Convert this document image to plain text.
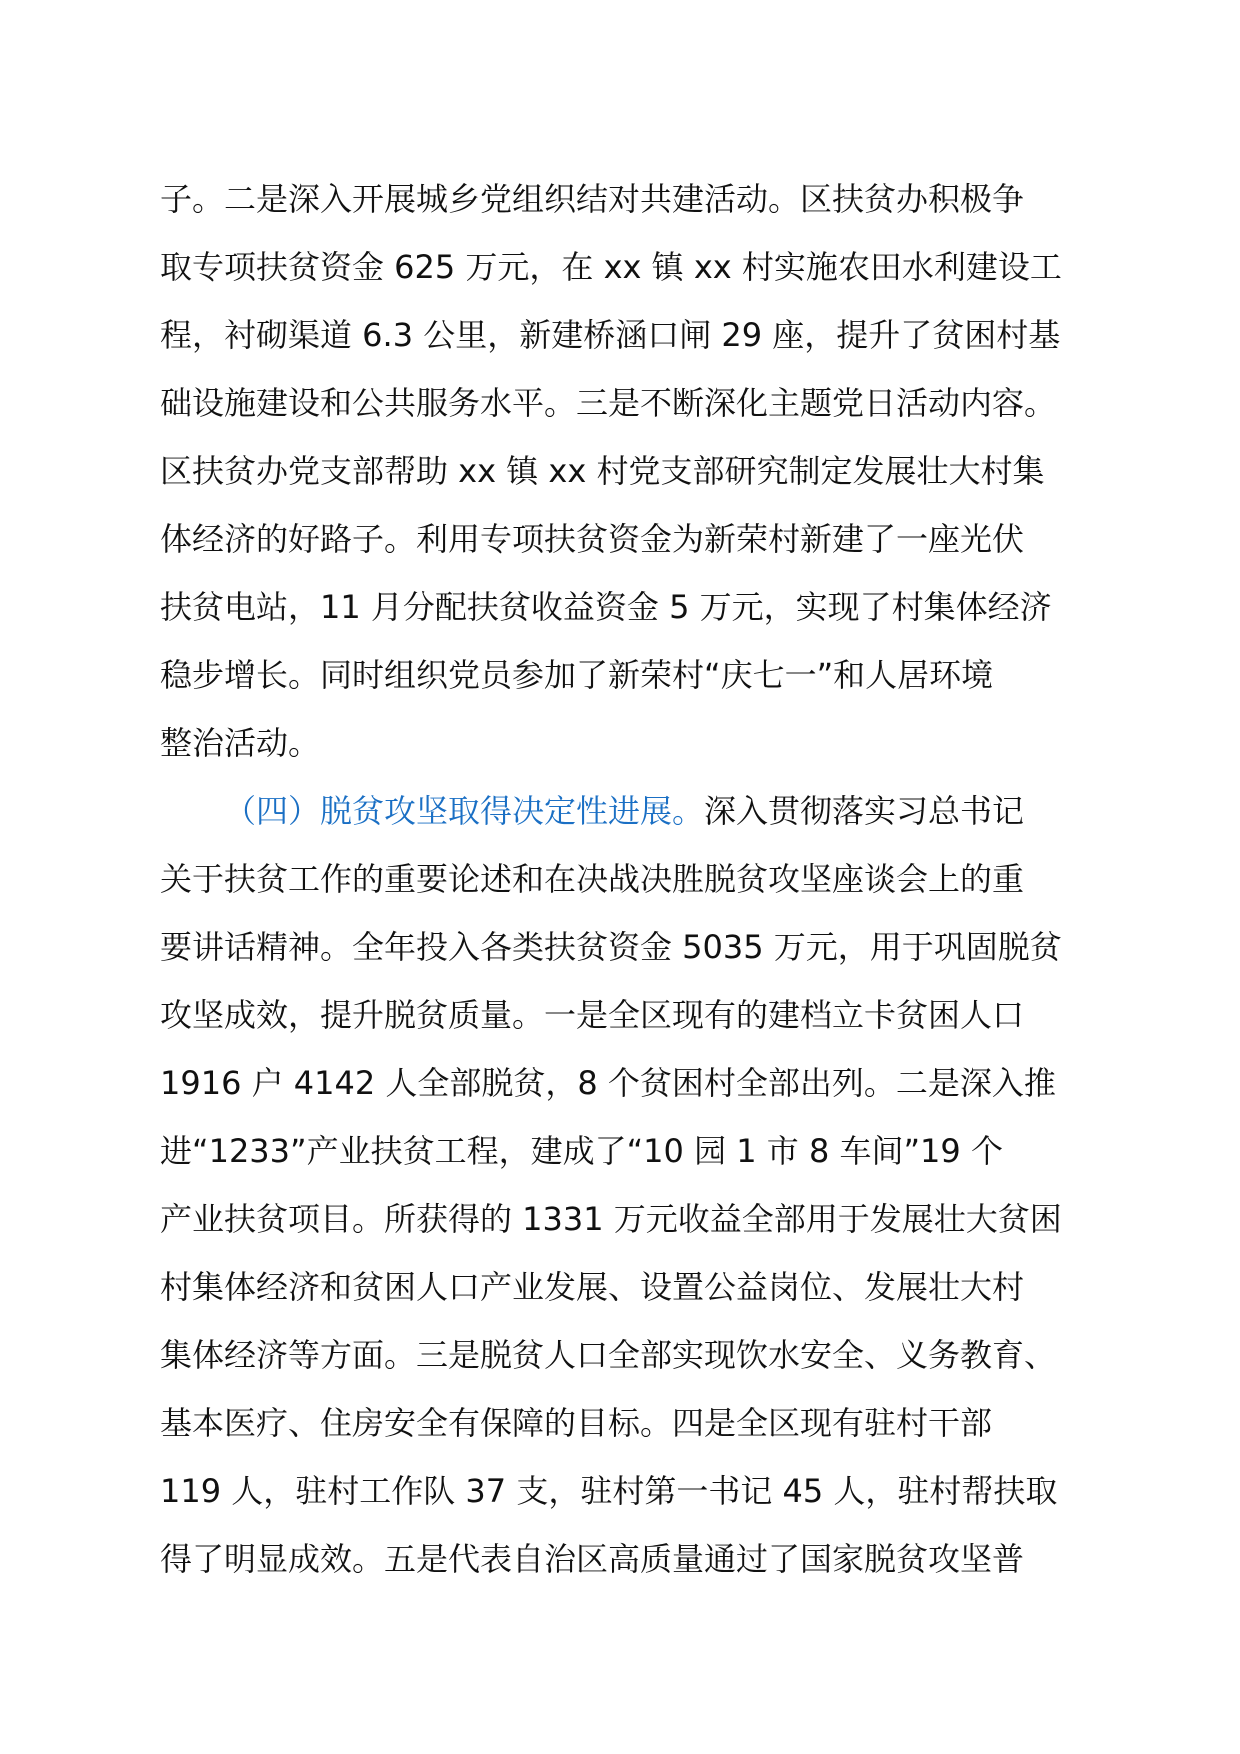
子。二是深入开展城乡党组织结对共建活动。区扶贫办积极争
取专项扶贫资金 625 万元，在 xx 镇 xx 村实施农田水利建设工
程，衬砌渠道 6.3 公里，新建桥涵口闸 29 座，提升了贫困村基
础设施建设和公共服务水平。三是不断深化主题党日活动内容。
区扶贫办党支部帮助 xx 镇 xx 村党支部研究制定发展壮大村集
体经济的好路子。利用专项扶贫资金为新荣村新建了一座光伏
扶贫电站，11 月分配扶贫收益资金 5 万元，实现了村集体经济
稳步增长。同时组织党员参加了新荣村“庆七一”和人居环境
整治活动。
（四）脱贫攻坚取得决定性进展。深入贯彻落实习总书记
关于扶贫工作的重要论述和在决战决胜脱贫攻坚座谈会上的重
要讲话精神。全年投入各类扶贫资金 5035 万元，用于巩固脱贫
攻坚成效，提升脱贫质量。一是全区现有的建档立卡贫困人口
1916 户 4142 人全部脱贫，8 个贫困村全部出列。二是深入推
进“1233”产业扶贫工程，建成了“10 园 1 市 8 车间”19 个
产业扶贫项目。所获得的 1331 万元收益全部用于发展壮大贫困
村集体经济和贫困人口产业发展、设置公益岗位、发展壮大村
集体经济等方面。三是脱贫人口全部实现饮水安全、义务教育、
基本医疗、住房安全有保障的目标。四是全区现有驻村干部
119 人，驻村工作队 37 支，驻村第一书记 45 人，驻村帮扶取
得了明显成效。五是代表自治区高质量通过了国家脱贫攻坚普
